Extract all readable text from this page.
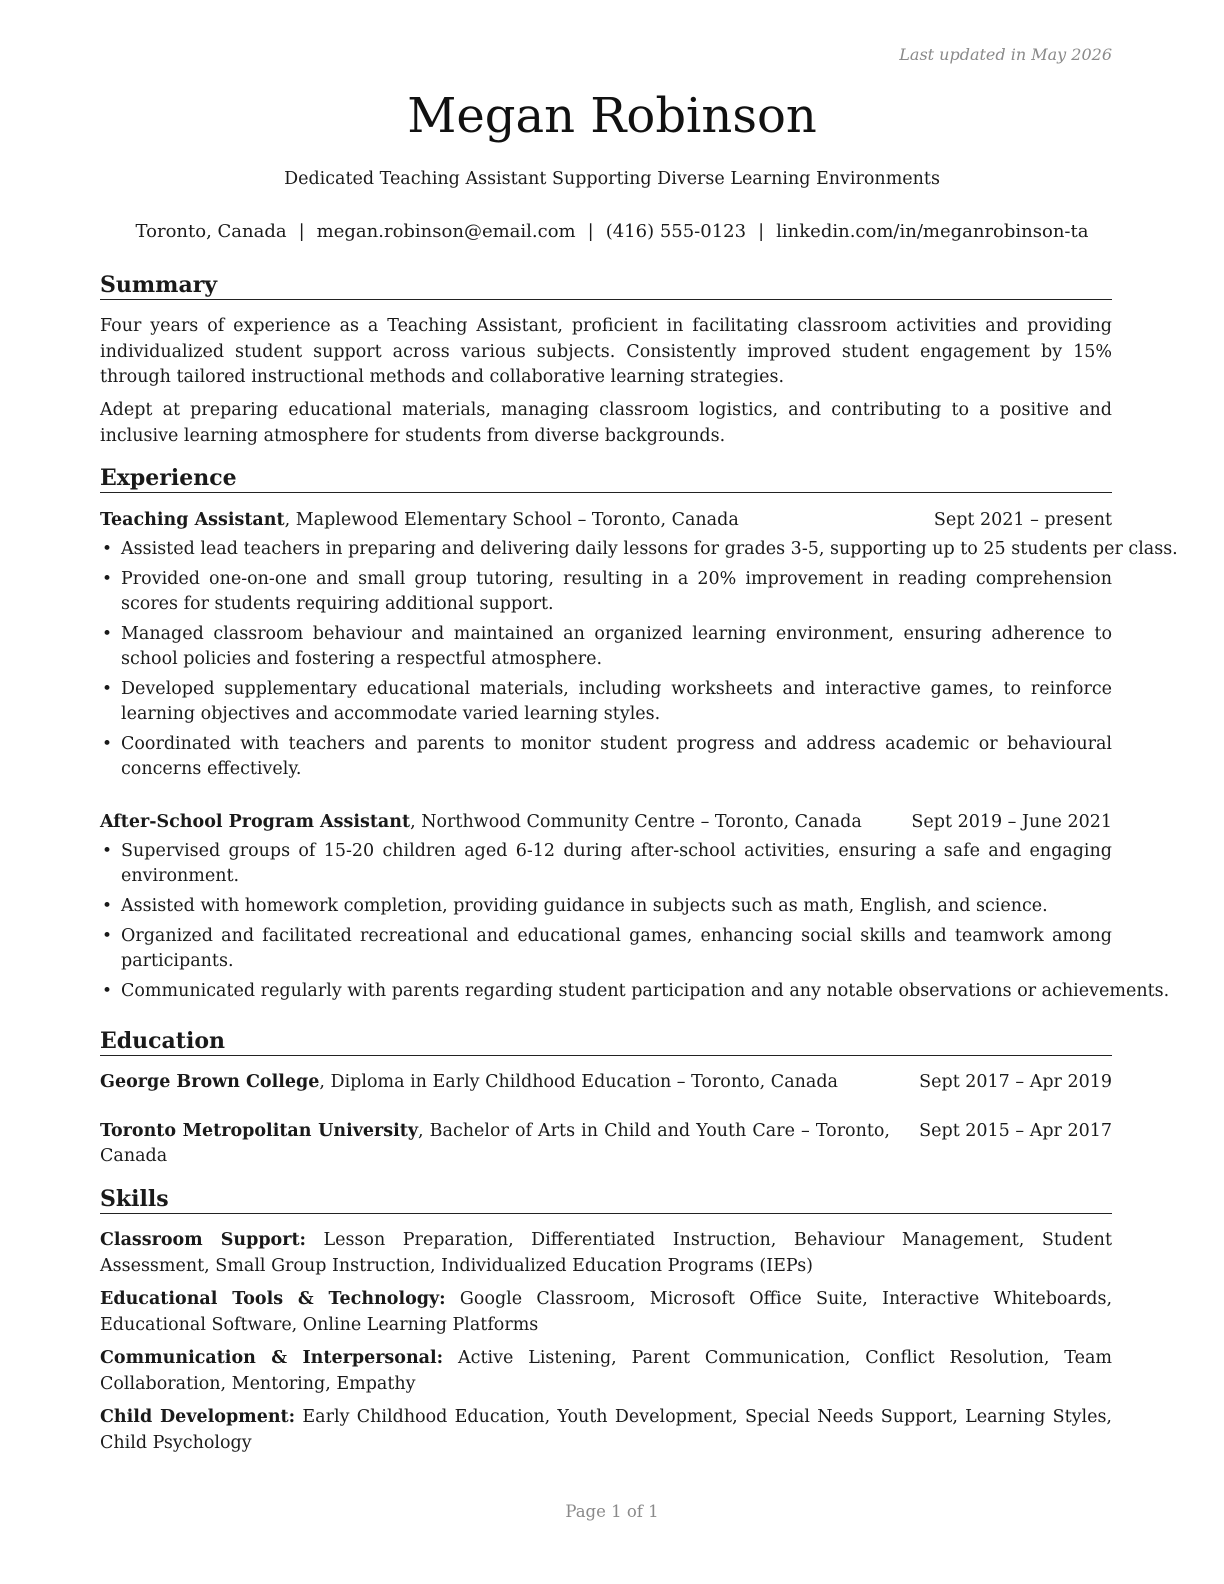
Last updated in May 2026
Megan Robinson
Dedicated Teaching Assistant Supporting Diverse Learning Environments
Toronto, Canada | megan.robinson@email.com | (416) 555-0123 | linkedin.com/in/meganrobinson-ta
Summary
Four years of experience as a Teaching Assistant, proficient in facilitating classroom activities and providing individualized student support across various subjects. Consistently improved student engagement by 15% through tailored instructional methods and collaborative learning strategies.
Adept at preparing educational materials, managing classroom logistics, and contributing to a positive and inclusive learning atmosphere for students from diverse backgrounds.
Experience
Teaching Assistant, Maplewood Elementary School – Toronto, Canada	Sept 2021 – present
• Assisted lead teachers in preparing and delivering daily lessons for grades 3-5, supporting up to 25 students per class.
• Provided one-on-one and small group tutoring, resulting in a 20% improvement in reading comprehension scores for students requiring additional support.
• Managed classroom behaviour and maintained an organized learning environment, ensuring adherence to school policies and fostering a respectful atmosphere.
• Developed supplementary educational materials, including worksheets and interactive games, to reinforce learning objectives and accommodate varied learning styles.
• Coordinated with teachers and parents to monitor student progress and address academic or behavioural concerns effectively.
After-School Program Assistant, Northwood Community Centre – Toronto, Canada	Sept 2019 – June 2021
• Supervised groups of 15-20 children aged 6-12 during after-school activities, ensuring a safe and engaging environment.
• Assisted with homework completion, providing guidance in subjects such as math, English, and science.
• Organized and facilitated recreational and educational games, enhancing social skills and teamwork among participants.
• Communicated regularly with parents regarding student participation and any notable observations or achievements.
Education
George Brown College, Diploma in Early Childhood Education – Toronto, Canada	Sept 2017 – Apr 2019
Toronto Metropolitan University, Bachelor of Arts in Child and Youth Care – Toronto, Canada
Sept 2015 – Apr 2017
Skills
Classroom Support: Lesson Preparation, Differentiated Instruction, Behaviour Management, Student Assessment, Small Group Instruction, Individualized Education Programs (IEPs)
Educational Tools & Technology: Google Classroom, Microsoft Office Suite, Interactive Whiteboards, Educational Software, Online Learning Platforms
Communication & Interpersonal: Active Listening, Parent Communication, Conflict Resolution, Team Collaboration, Mentoring, Empathy
Child Development: Early Childhood Education, Youth Development, Special Needs Support, Learning Styles, Child Psychology
Page 1 of 1
